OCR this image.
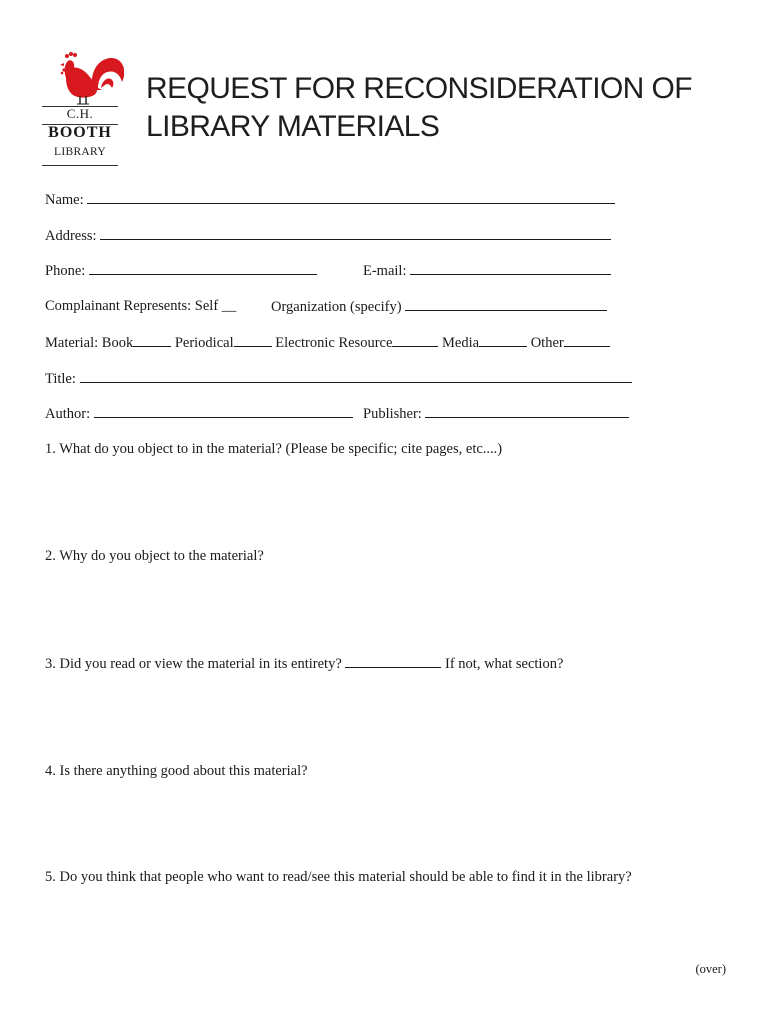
C.H.
BOOTH
LIBRARY
REQUEST FOR RECONSIDERATION OF
LIBRARY MATERIALS
Name:
Address:
Phone:	E-mail:
Complainant Represents: Self __ Organization (specify)
Material: Book	Periodical	Electronic Resource	Media	Other
Title:
Author:	Publisher:
1. What do you object to in the material? (Please be specific; cite pages, etc....)
2. Why do you object to the material?
3. Did you read or view the material in its entirety?	If not, what section?
4. Is there anything good about this material?
5. Do you think that people who want to read/see this material should be able to find it in the library?
(over)
